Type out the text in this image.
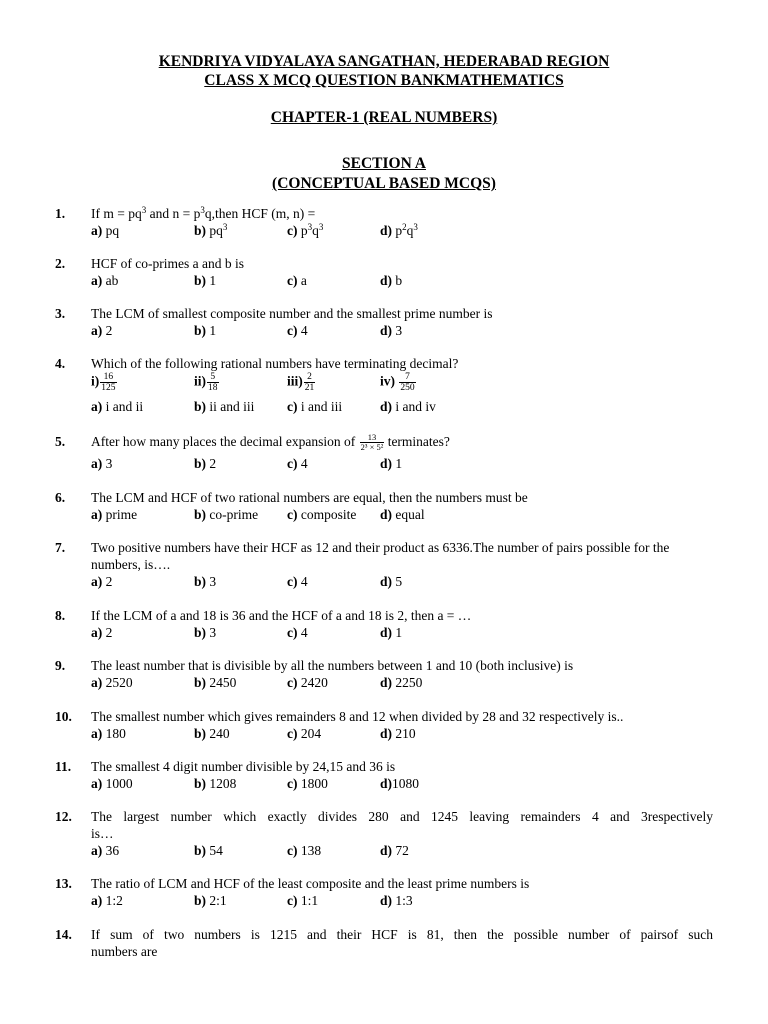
KENDRIYA VIDYALAYA SANGATHAN, HEDERABAD REGION
CLASS X MCQ QUESTION BANKMATHEMATICS
CHAPTER-1 (REAL NUMBERS)
SECTION A
(CONCEPTUAL BASED MCQS)
1. If $m = pq^3$ and $n = p^3q,then$ HCF (m, n) =
a) pq	b) $pq^3$	c) $p^3q^3$	d) $p^2q^3$
2. HCF of co-primes a and b is
a) ab	b) 1	c) a	d) b
3. The LCM of smallest composite number and the smallest prime number is
a) 2	b) 1	c) 4	d) 3
4. Which of the following rational numbers have terminating decimal?
$i) \frac{16}{125}$	$ii) \frac{5}{18}$	$iii) \frac{2}{21}$	$iv) \frac{7}{250}$
a) i and ii	b) ii and iii c) i and iii	d) i and iv
5. After how many places the decimal expansion of $\frac{13}{\text{2³ × 5²}}$ terminates?
a) 3	b) 2	c) 4	d) 1
6. The LCM and HCF of two rational numbers are equal, then the numbers must be
a) prime	b) co-prime c) composite d) equal
7. Two positive numbers have their HCF as 12 and their product as 6336.The number of pairs possible for the numbers, is….
a) 2	b) 3	c) 4	d) 5
8. If the LCM of a and 18 is 36 and the HCF of a and 18 is 2, then a = …
a) 2	b) 3	c) 4	d) 1
9. The least number that is divisible by all the numbers between 1 and 10 (both inclusive) is
a) 2520	b) 2450	c) 2420	d) 2250
10. The smallest number which gives remainders 8 and 12 when divided by 28 and 32 respectively is..
a) 180	b) 240	c) 204	d) 210
11. The smallest 4 digit number divisible by 24,15 and 36 is
a) 1000	b) 1208	c) 1800	d)1080
12. The largest number which exactly divides 280 and 1245 leaving remainders 4 and 3respectively
is…
a) 36	b) 54	c) 138	d) 72
13. The ratio of LCM and HCF of the least composite and the least prime numbers is
a) 1:2	b) 2:1	c) 1:1	d) 1:3
14. If sum of two numbers is 1215 and their HCF is 81, then the possible number of pairsof such
numbers are
